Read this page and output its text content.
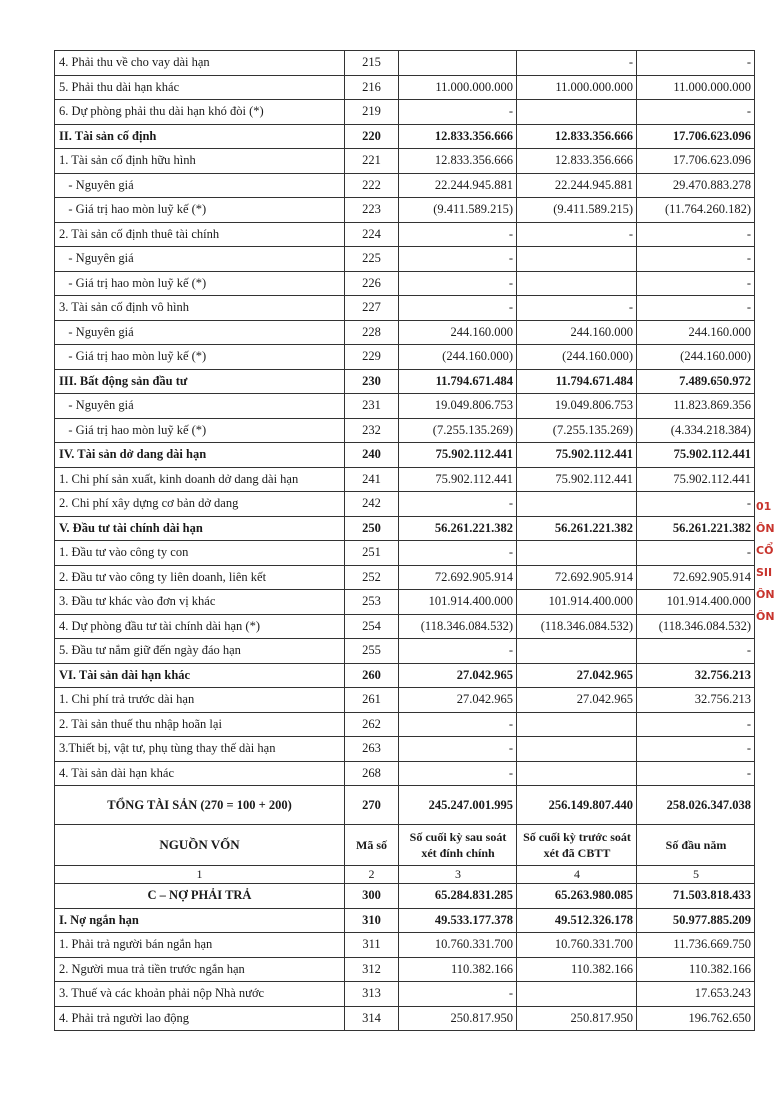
4. Phải thu về cho vay dài hạn	215		-	-
5. Phải thu dài hạn khác	216	11.000.000.000	11.000.000.000	11.000.000.000
6. Dự phòng phải thu dài hạn khó đòi (*)	219	-		-
II. Tài sản cố định	220	12.833.356.666	12.833.356.666	17.706.623.096
1. Tài sản cố định hữu hình	221	12.833.356.666	12.833.356.666	17.706.623.096
- Nguyên giá	222	22.244.945.881	22.244.945.881	29.470.883.278
- Giá trị hao mòn luỹ kế (*)	223	(9.411.589.215)	(9.411.589.215)	(11.764.260.182)
2. Tài sản cố định thuê tài chính	224	-	-	-
- Nguyên giá	225	-		-
- Giá trị hao mòn luỹ kế (*)	226	-		-
3. Tài sản cố định vô hình	227	-	-	-
- Nguyên giá	228	244.160.000	244.160.000	244.160.000
- Giá trị hao mòn luỹ kế (*)	229	(244.160.000)	(244.160.000)	(244.160.000)
III. Bất động sản đầu tư	230	11.794.671.484	11.794.671.484	7.489.650.972
- Nguyên giá	231	19.049.806.753	19.049.806.753	11.823.869.356
- Giá trị hao mòn luỹ kế (*)	232	(7.255.135.269)	(7.255.135.269)	(4.334.218.384)
IV. Tài sản dở dang dài hạn	240	75.902.112.441	75.902.112.441	75.902.112.441
1. Chi phí sản xuất, kinh doanh dở dang dài hạn	241	75.902.112.441	75.902.112.441	75.902.112.441
2. Chi phí xây dựng cơ bản dở dang	242	-		-
V. Đầu tư tài chính dài hạn	250	56.261.221.382	56.261.221.382	56.261.221.382
1. Đầu tư vào công ty con	251	-		-
2. Đầu tư vào công ty liên doanh, liên kết	252	72.692.905.914	72.692.905.914	72.692.905.914
3. Đầu tư khác vào đơn vị khác	253	101.914.400.000	101.914.400.000	101.914.400.000
4. Dự phòng đầu tư tài chính dài hạn (*)	254	(118.346.084.532)	(118.346.084.532)	(118.346.084.532)
5. Đầu tư nắm giữ đến ngày đáo hạn	255	-		-
VI. Tài sản dài hạn khác	260	27.042.965	27.042.965	32.756.213
1. Chi phí trả trước dài hạn	261	27.042.965	27.042.965	32.756.213
2. Tài sản thuế thu nhập hoãn lại	262	-		-
3.Thiết bị, vật tư, phụ tùng thay thế dài hạn	263	-		-
4. Tài sản dài hạn khác	268	-		-
TỔNG TÀI SẢN (270 = 100 + 200)	270	245.247.001.995	256.149.807.440	258.026.347.038
NGUỒN VỐN	Mã số	Số cuối kỳ sau soát xét đính chính	Số cuối kỳ trước soát xét đã CBTT	Số đầu năm
1	2	3	4	5
C – NỢ PHẢI TRẢ	300	65.284.831.285	65.263.980.085	71.503.818.433
I. Nợ ngắn hạn	310	49.533.177.378	49.512.326.178	50.977.885.209
1. Phải trả người bán ngắn hạn	311	10.760.331.700	10.760.331.700	11.736.669.750
2. Người mua trả tiền trước ngắn hạn	312	110.382.166	110.382.166	110.382.166
3. Thuế và các khoản phải nộp Nhà nước	313	-		17.653.243
4. Phải trả người lao động	314	250.817.950	250.817.950	196.762.650
01
ÔN
CỔ
SII
ÔN
ÔN
